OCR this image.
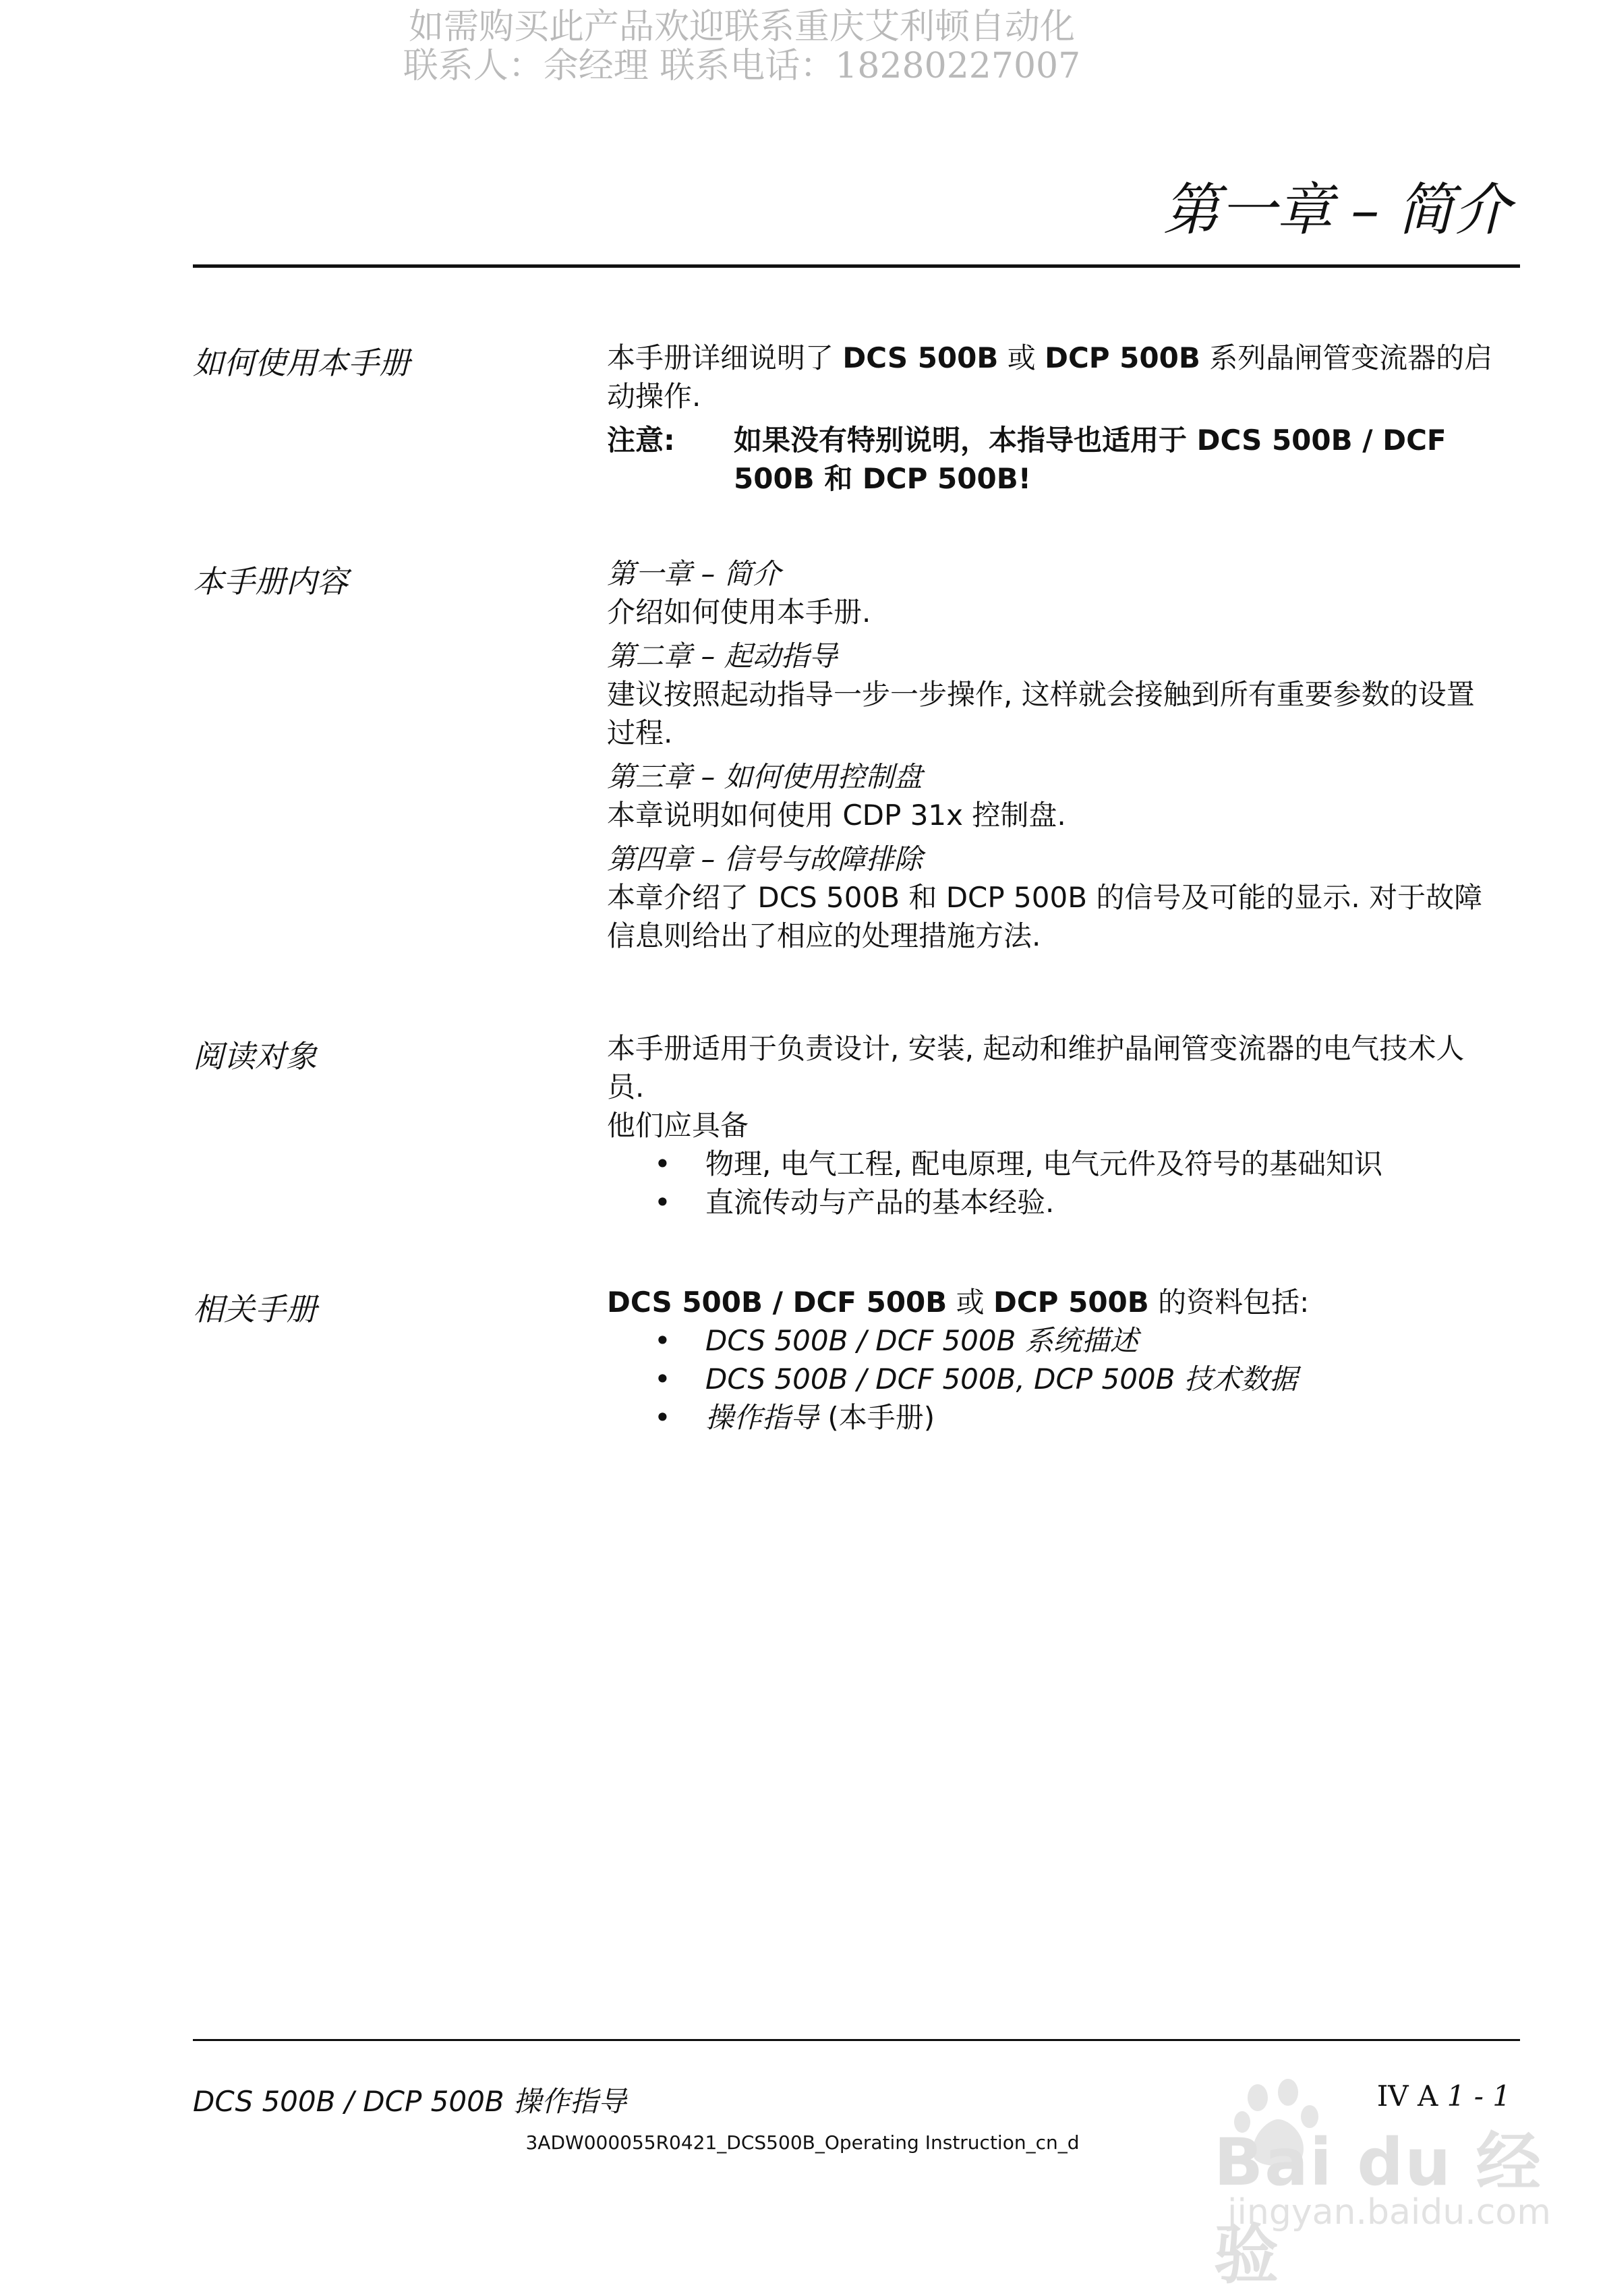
如需购买此产品欢迎联系重庆艾利顿自动化
联系人：余经理 联系电话：18280227007
第一章 – 简介
如何使用本手册	本手册详细说明了 DCS 500B 或 DCP 500B 系列晶闸管变流器的启动操作.

注意:	如果没有特别说明，本指导也适用于 DCS 500B / DCF 500B 和 DCP 500B!
本手册内容	第一章 – 简介

介绍如何使用本手册.

第二章 – 起动指导

建议按照起动指导一步一步操作, 这样就会接触到所有重要参数的设置过程.

第三章 – 如何使用控制盘

本章说明如何使用 CDP 31x 控制盘.

第四章 – 信号与故障排除

本章介绍了 DCS 500B 和 DCP 500B 的信号及可能的显示. 对于故障信息则给出了相应的处理措施方法.

阅读对象	本手册适用于负责设计, 安装, 起动和维护晶闸管变流器的电气技术人员.

他们应具备

• 物理, 电气工程, 配电原理, 电气元件及符号的基础知识
• 直流传动与产品的基本经验.
相关手册	DCS 500B / DCF 500B 或 DCP 500B 的资料包括:

• DCS 500B / DCF 500B 系统描述
• DCS 500B / DCF 500B, DCP 500B 技术数据
• 操作指导 (本手册)
DCS 500B / DCP 500B 操作指导	IV A 1 - 1
3ADW000055R0421_DCS500B_Operating Instruction_cn_d	Bai du 经验
jingyan.baidu.com
